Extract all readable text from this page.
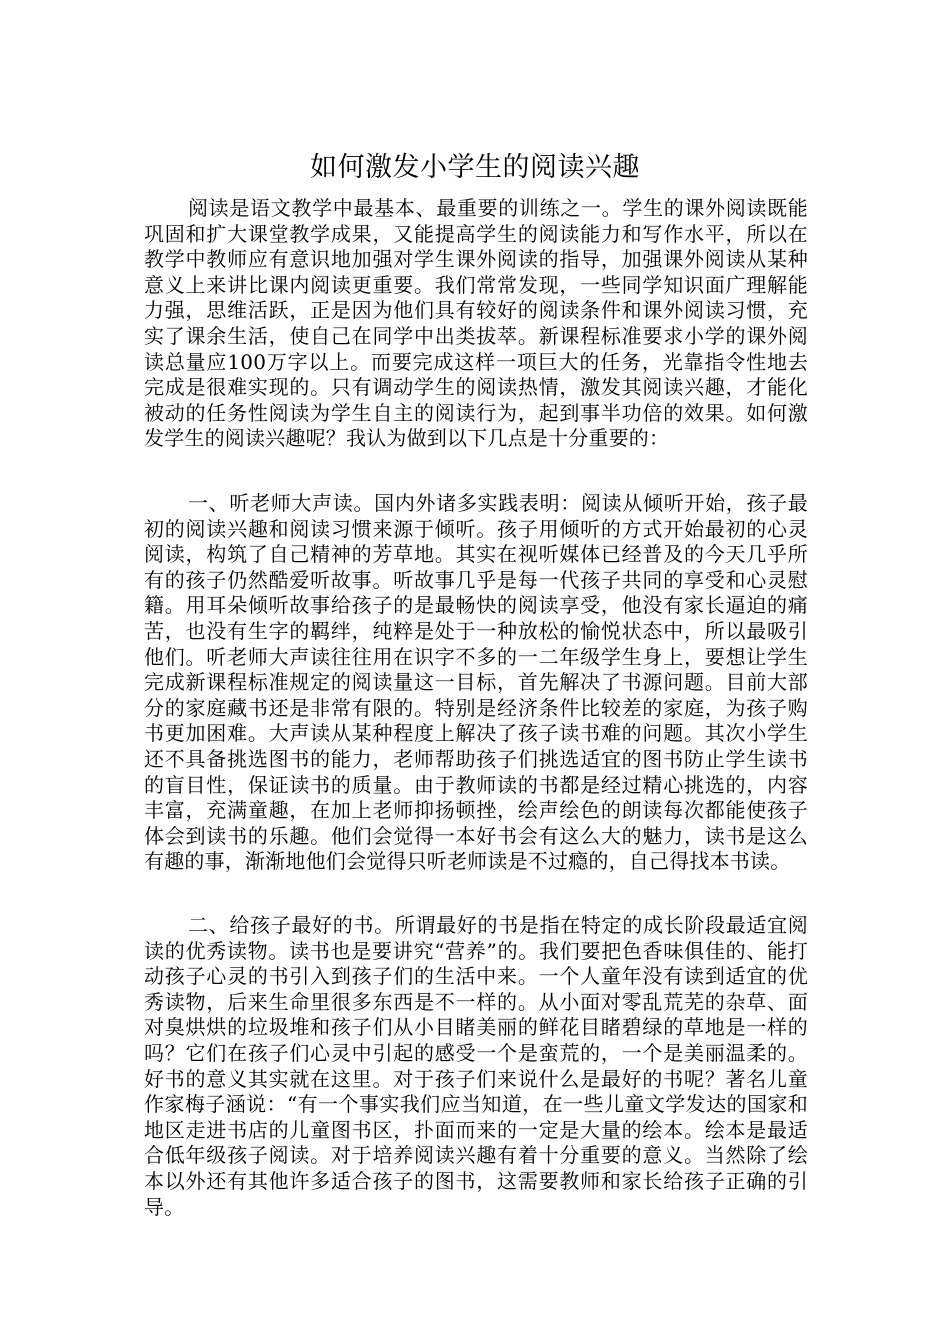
如何激发小学生的阅读兴趣

阅读是语文教学中最基本、最重要的训练之一。学生的课外阅读既能巩固和扩大课堂教学成果，又能提高学生的阅读能力和写作水平，所以在教学中教师应有意识地加强对学生课外阅读的指导，加强课外阅读从某种意义上来讲比课内阅读更重要。我们常常发现，一些同学知识面广理解能力强，思维活跃，正是因为他们具有较好的阅读条件和课外阅读习惯，充实了课余生活，使自己在同学中出类拔萃。新课程标准要求小学的课外阅读总量应100万字以上。而要完成这样一项巨大的任务，光靠指令性地去完成是很难实现的。只有调动学生的阅读热情，激发其阅读兴趣，才能化被动的任务性阅读为学生自主的阅读行为，起到事半功倍的效果。如何激发学生的阅读兴趣呢？我认为做到以下几点是十分重要的：

一、听老师大声读。国内外诸多实践表明：阅读从倾听开始，孩子最初的阅读兴趣和阅读习惯来源于倾听。孩子用倾听的方式开始最初的心灵阅读，构筑了自己精神的芳草地。其实在视听媒体已经普及的今天几乎所有的孩子仍然酷爱听故事。听故事几乎是每一代孩子共同的享受和心灵慰籍。用耳朵倾听故事给孩子的是最畅快的阅读享受，他没有家长逼迫的痛苦，也没有生字的羁绊，纯粹是处于一种放松的愉悦状态中，所以最吸引他们。听老师大声读往往用在识字不多的一二年级学生身上，要想让学生完成新课程标准规定的阅读量这一目标，首先解决了书源问题。目前大部分的家庭藏书还是非常有限的。特别是经济条件比较差的家庭，为孩子购书更加困难。大声读从某种程度上解决了孩子读书难的问题。其次小学生还不具备挑选图书的能力，老师帮助孩子们挑选适宜的图书防止学生读书的盲目性，保证读书的质量。由于教师读的书都是经过精心挑选的，内容丰富，充满童趣，在加上老师抑扬顿挫，绘声绘色的朗读每次都能使孩子体会到读书的乐趣。他们会觉得一本好书会有这么大的魅力，读书是这么有趣的事，渐渐地他们会觉得只听老师读是不过瘾的，自己得找本书读。

二、给孩子最好的书。所谓最好的书是指在特定的成长阶段最适宜阅读的优秀读物。读书也是要讲究“营养”的。我们要把色香味俱佳的、能打动孩子心灵的书引入到孩子们的生活中来。一个人童年没有读到适宜的优秀读物，后来生命里很多东西是不一样的。从小面对零乱荒芜的杂草、面对臭烘烘的垃圾堆和孩子们从小目睹美丽的鲜花目睹碧绿的草地是一样的吗？它们在孩子们心灵中引起的感受一个是蛮荒的，一个是美丽温柔的。好书的意义其实就在这里。对于孩子们来说什么是最好的书呢？著名儿童作家梅子涵说：“有一个事实我们应当知道，在一些儿童文学发达的国家和地区走进书店的儿童图书区，扑面而来的一定是大量的绘本。绘本是最适合低年级孩子阅读。对于培养阅读兴趣有着十分重要的意义。当然除了绘本以外还有其他许多适合孩子的图书，这需要教师和家长给孩子正确的引导。
